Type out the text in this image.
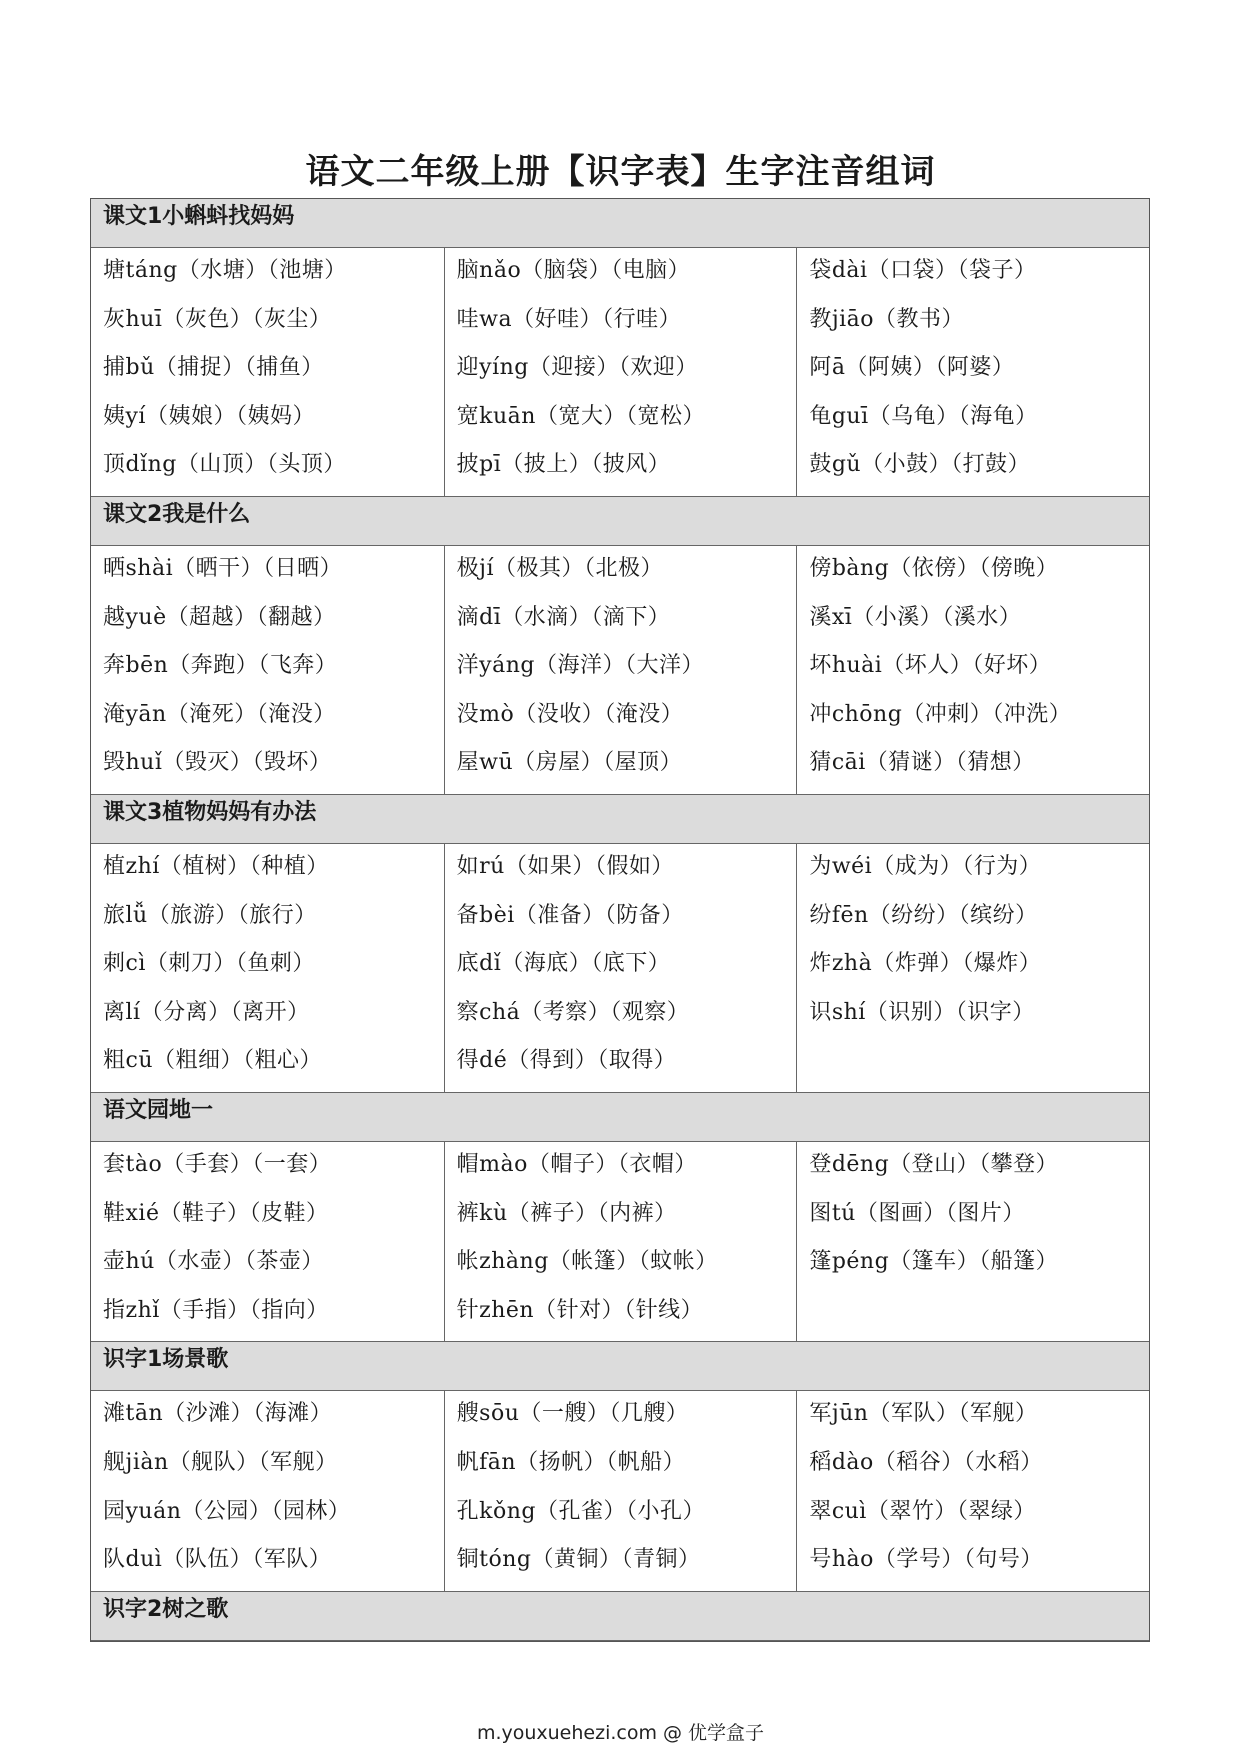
语文二年级上册【识字表】生字注音组词
课文1小蝌蚪找妈妈
塘táng（水塘）（池塘）
灰huī（灰色）（灰尘）
捕bǔ（捕捉）（捕鱼）
姨yí（姨娘）（姨妈）
顶dǐng（山顶）（头顶）
脑nǎo（脑袋）（电脑）
哇wa（好哇）（行哇）
迎yíng（迎接）（欢迎）
宽kuān（宽大）（宽松）
披pī（披上）（披风）
袋dài（口袋）（袋子）
教jiāo（教书）
阿ā（阿姨）（阿婆）
龟guī（乌龟）（海龟）
鼓gǔ（小鼓）（打鼓）
课文2我是什么
晒shài（晒干）（日晒）
越yuè（超越）（翻越）
奔bēn（奔跑）（飞奔）
淹yān（淹死）（淹没）
毁huǐ（毁灭）（毁坏）
极jí（极其）（北极）
滴dī（水滴）（滴下）
洋yáng（海洋）（大洋）
没mò（没收）（淹没）
屋wū（房屋）（屋顶）
傍bàng（依傍）（傍晚）
溪xī（小溪）（溪水）
坏huài（坏人）（好坏）
冲chōng（冲刺）（冲洗）
猜cāi（猜谜）（猜想）
课文3植物妈妈有办法
植zhí（植树）（种植）
旅lǚ（旅游）（旅行）
刺cì（刺刀）（鱼刺）
离lí（分离）（离开）
粗cū（粗细）（粗心）
如rú（如果）（假如）
备bèi（准备）（防备）
底dǐ（海底）（底下）
察chá（考察）（观察）
得dé（得到）（取得）
为wéi（成为）（行为）
纷fēn（纷纷）（缤纷）
炸zhà（炸弹）（爆炸）
识shí（识别）（识字）
语文园地一
套tào（手套）（一套）
鞋xié（鞋子）（皮鞋）
壶hú（水壶）（茶壶）
指zhǐ（手指）（指向）
帽mào（帽子）（衣帽）
裤kù（裤子）（内裤）
帐zhàng（帐篷）（蚊帐）
针zhēn（针对）（针线）
登dēng（登山）（攀登）
图tú（图画）（图片）
篷péng（篷车）（船篷）
识字1场景歌
滩tān（沙滩）（海滩）
舰jiàn（舰队）（军舰）
园yuán（公园）（园林）
队duì（队伍）（军队）
艘sōu（一艘）（几艘）
帆fān（扬帆）（帆船）
孔kǒng（孔雀）（小孔）
铜tóng（黄铜）（青铜）
军jūn（军队）（军舰）
稻dào（稻谷）（水稻）
翠cuì（翠竹）（翠绿）
号hào（学号）（句号）
识字2树之歌
m.youxuehezi.com @ 优学盒子
